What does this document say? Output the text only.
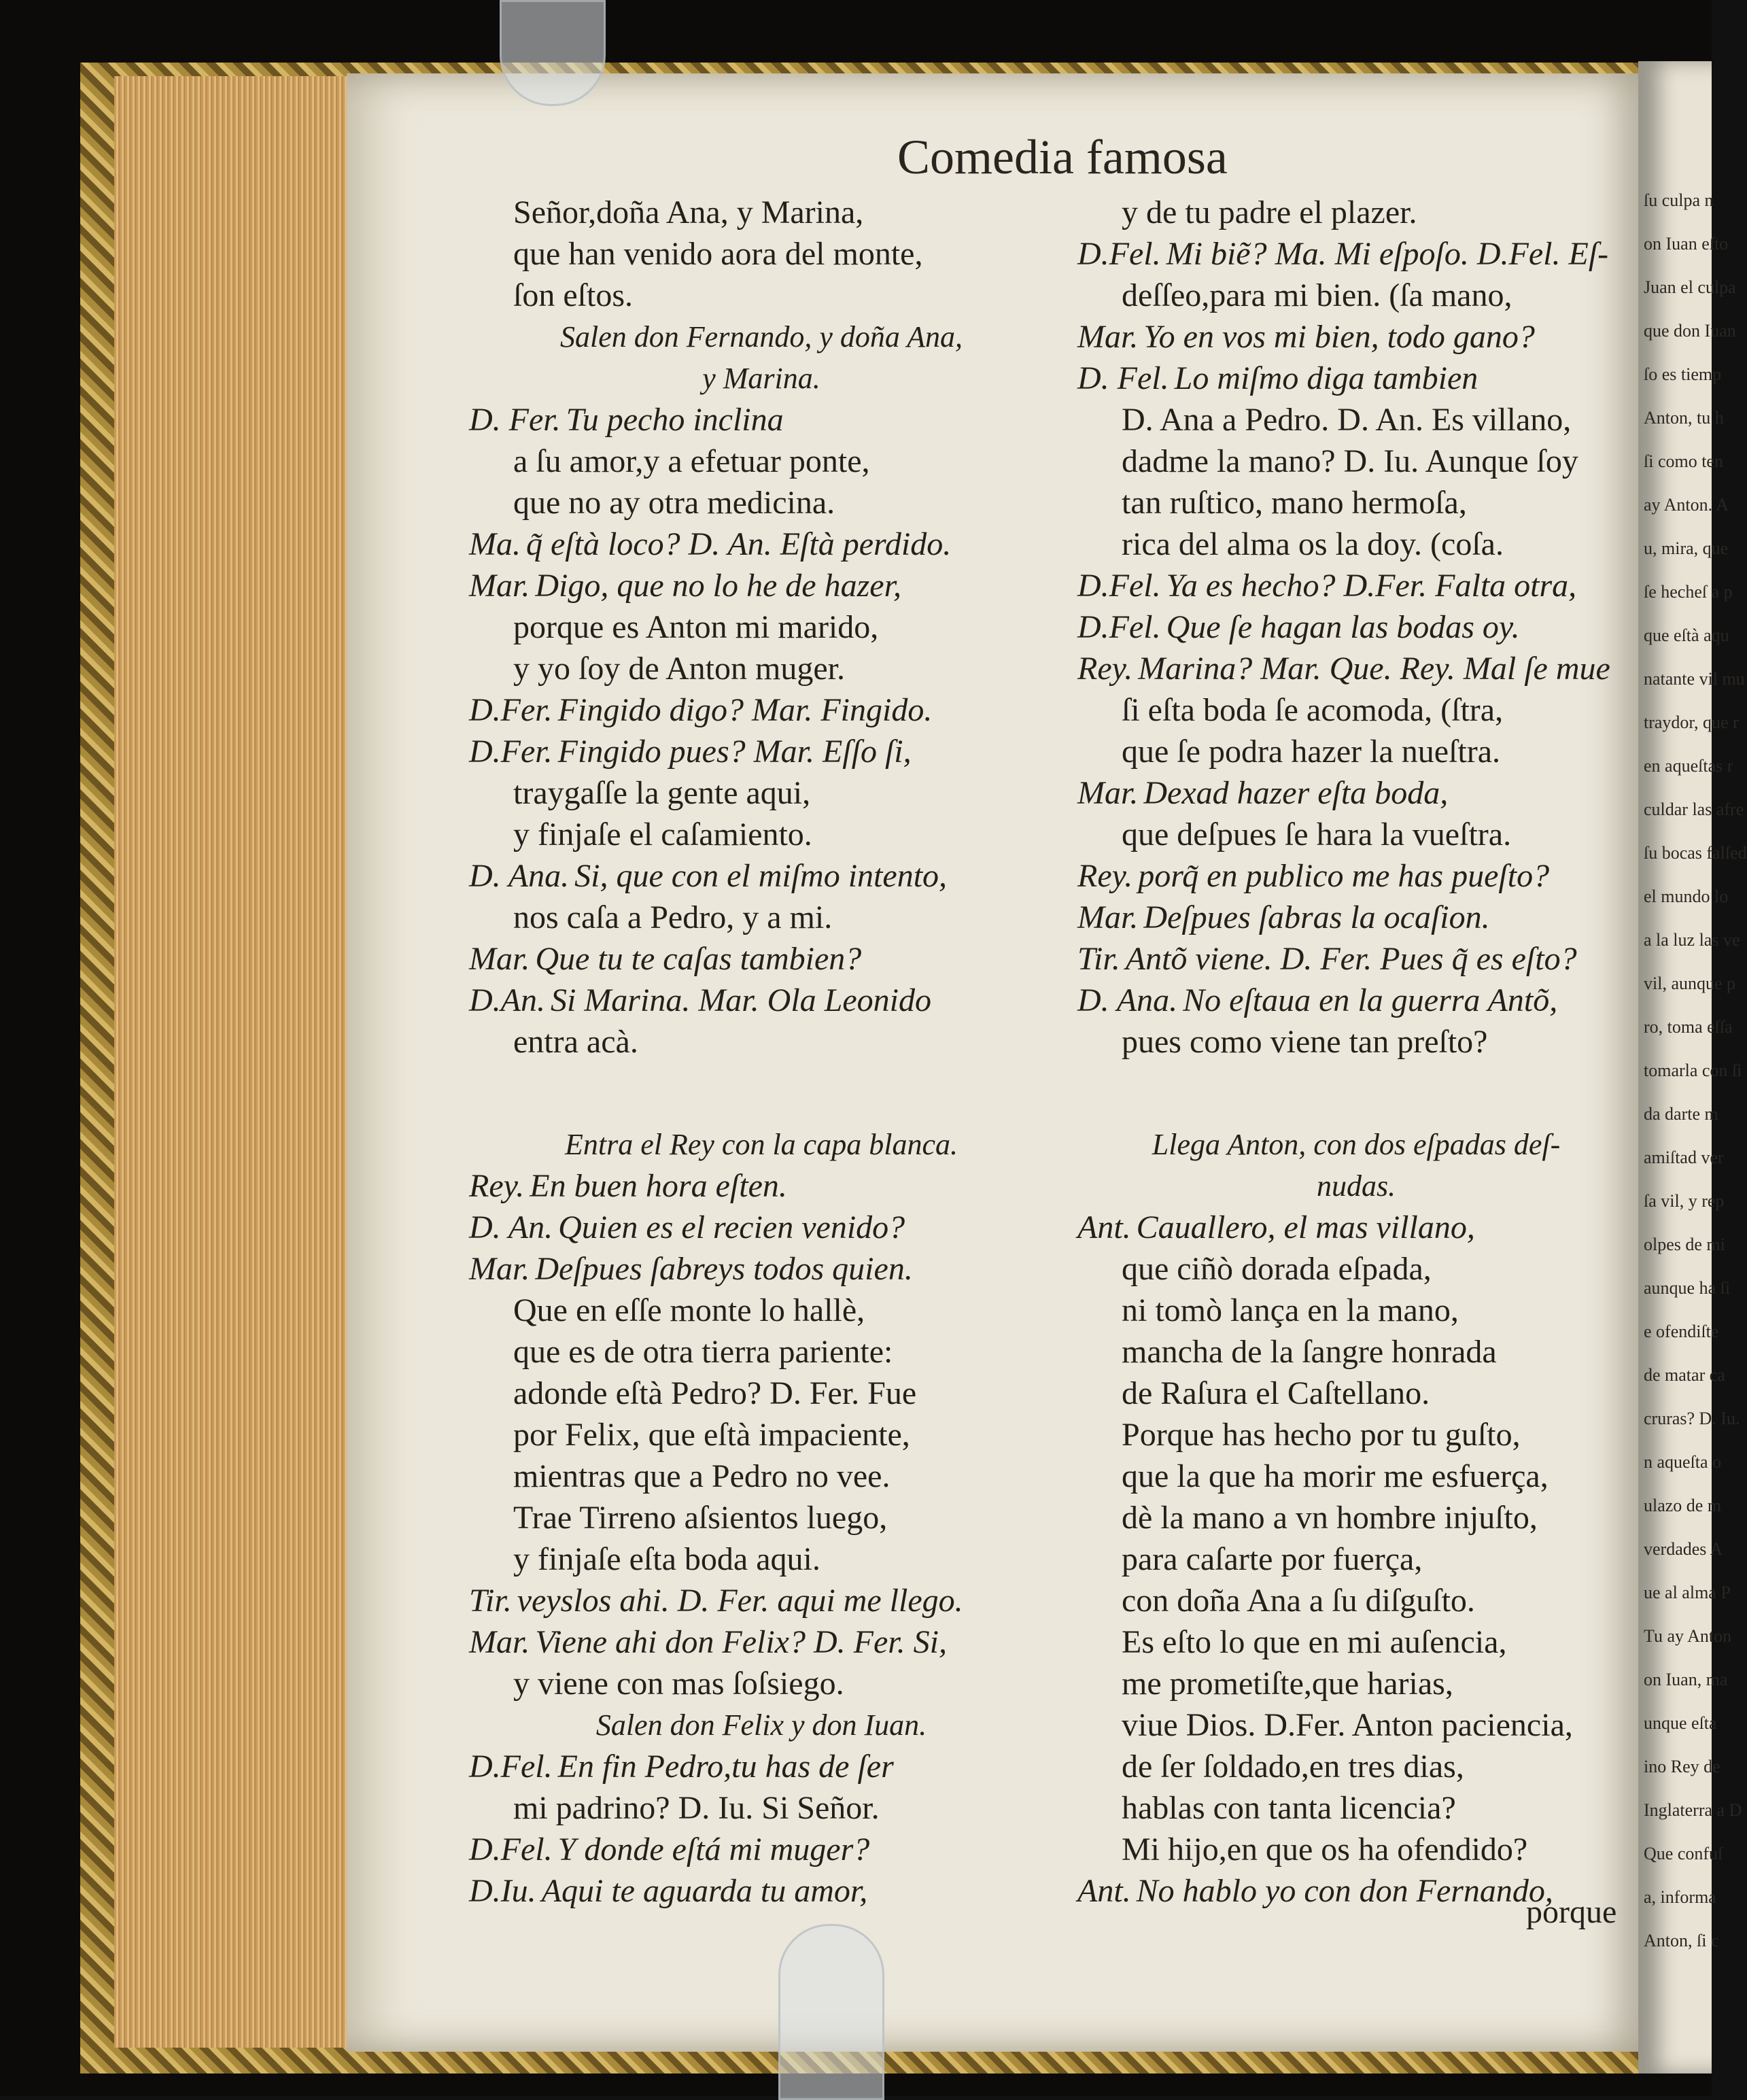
ſu culpa n
on Iuan eſto
Juan el culpa
que don Iuan
ſo es tiemp
Anton, tu h
ſi como ten
ay Anton. A
u, mira, que
ſe hecheſ a p
que eſtà aqu
natante vil mu
traydor, que r
en aqueſtas r
culdar las afre
ſu bocas falſed
el mundo lo
a la luz las ve
vil, aunque p
ro, toma eſſa
tomarla con ſi
da darte m
amiſtad ver
ſa vil, y rep
olpes de mi
aunque ha ſi
e ofendiſte
de matar ca
cruras? D. Iu.
n aqueſta o
ulazo de m
verdades A
ue al alma P
Tu ay Anton
on Iuan, ma
unque eſta
ino Rey de
Inglaterra a D
Que confuſ
a, informa
Anton, ſi c
Comedia famosa
Señor,doña Ana, y Marina,
que han venido aora del monte,
ſon eſtos.
Salen don Fernando, y doña Ana,
y Marina.
D. Fer. Tu pecho inclina
a ſu amor,y a efetuar ponte,
que no ay otra medicina.
Ma. q̃ eſtà loco? D. An. Eſtà perdido.
Mar. Digo, que no lo he de hazer,
porque es Anton mi marido,
y yo ſoy de Anton muger.
D.Fer. Fingido digo? Mar. Fingido.
D.Fer. Fingido pues? Mar. Eſſo ſi,
traygaſſe la gente aqui,
y finjaſe el caſamiento.
D. Ana. Si, que con el miſmo intento,
nos caſa a Pedro, y a mi.
Mar. Que tu te caſas tambien?
D.An. Si Marina. Mar. Ola Leonido
entra acà.
Entra el Rey con la capa blanca.
Rey. En buen hora eſten.
D. An. Quien es el recien venido?
Mar. Deſpues ſabreys todos quien.
Que en eſſe monte lo hallè,
que es de otra tierra pariente:
adonde eſtà Pedro? D. Fer. Fue
por Felix, que eſtà impaciente,
mientras que a Pedro no vee.
Trae Tirreno aſsientos luego,
y finjaſe eſta boda aqui.
Tir. veyslos ahi. D. Fer. aqui me llego.
Mar. Viene ahi don Felix? D. Fer. Si,
y viene con mas ſoſsiego.
Salen don Felix y don Iuan.
D.Fel. En fin Pedro,tu has de ſer
mi padrino? D. Iu. Si Señor.
D.Fel. Y donde eſtá mi muger?
D.Iu. Aqui te aguarda tu amor,
y de tu padre el plazer.
D.Fel. Mi biẽ? Ma. Mi eſpoſo. D.Fel. Eſ-
deſſeo,para mi bien. (ſa mano,
Mar. Yo en vos mi bien, todo gano?
D. Fel. Lo miſmo diga tambien
D. Ana a Pedro. D. An. Es villano,
dadme la mano? D. Iu. Aunque ſoy
tan ruſtico, mano hermoſa,
rica del alma os la doy. (coſa.
D.Fel. Ya es hecho? D.Fer. Falta otra,
D.Fel. Que ſe hagan las bodas oy.
Rey. Marina? Mar. Que. Rey. Mal ſe mue
ſi eſta boda ſe acomoda, (ſtra,
que ſe podra hazer la nueſtra.
Mar. Dexad hazer eſta boda,
que deſpues ſe hara la vueſtra.
Rey. porq̃ en publico me has pueſto?
Mar. Deſpues ſabras la ocaſion.
Tir. Antõ viene. D. Fer. Pues q̃ es eſto?
D. Ana. No eſtaua en la guerra Antõ,
pues como viene tan preſto?
Llega Anton, con dos eſpadas deſ-
nudas.
Ant. Cauallero, el mas villano,
que ciñò dorada eſpada,
ni tomò lança en la mano,
mancha de la ſangre honrada
de Raſura el Caſtellano.
Porque has hecho por tu guſto,
que la que ha morir me esfuerça,
dè la mano a vn hombre injuſto,
para caſarte por fuerça,
con doña Ana a ſu diſguſto.
Es eſto lo que en mi auſencia,
me prometiſte,que harias,
viue Dios. D.Fer. Anton paciencia,
de ſer ſoldado,en tres dias,
hablas con tanta licencia?
Mi hijo,en que os ha ofendido?
Ant. No hablo yo con don Fernando,
porque
